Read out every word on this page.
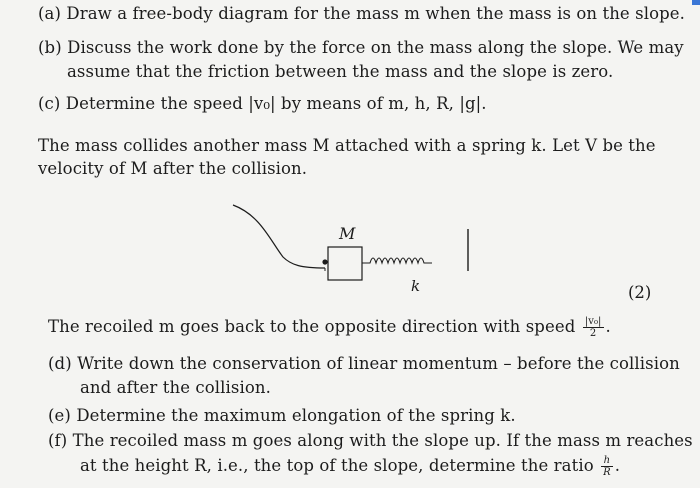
(a) Draw a free-body diagram for the mass m when the mass is on the slope.
(b) Discuss the work done by the force on the mass along the slope. We may
assume that the friction between the mass and the slope is zero.
(c) Determine the speed |v₀| by means of m, h, R, |g|.
The mass collides another mass M attached with a spring k. Let V be the
velocity of M after the collision.
M
k	(2)
The recoiled m goes back to the opposite direction with speed $\frac{\text{|v₀|}}{2}$ .
(d) Write down the conservation of linear momentum – before the collision
and after the collision.
(e) Determine the maximum elongation of the spring k.
(f) The recoiled mass m goes along with the slope up. If the mass m reaches
at the height R, i.e., the top of the slope, determine the ratio $\frac{h}{R}$ .
